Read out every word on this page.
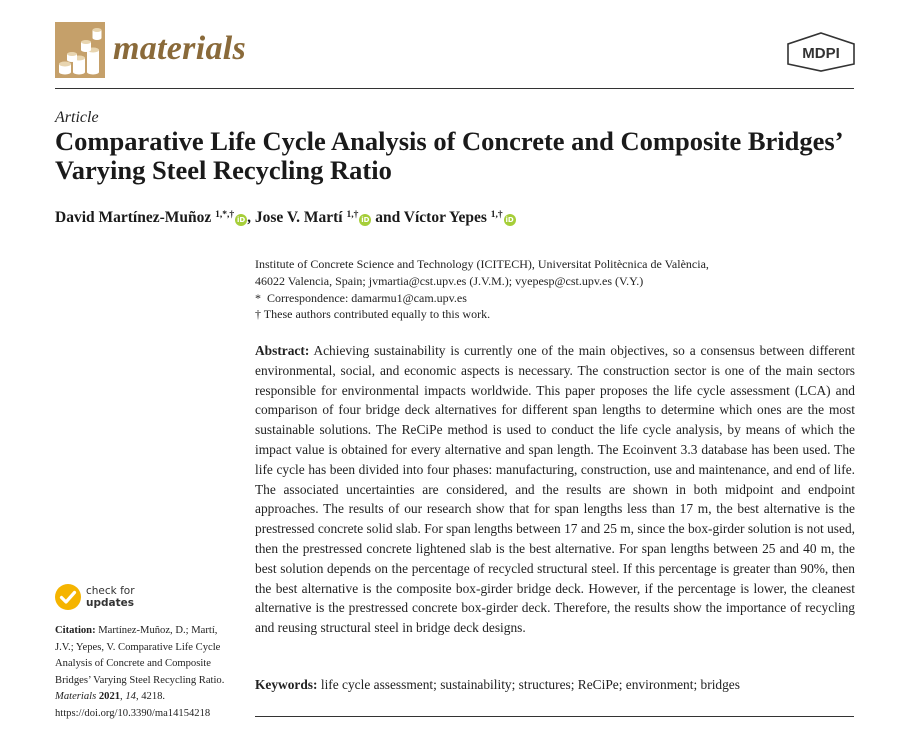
materials	MDPI
Article
Comparative Life Cycle Analysis of Concrete and Composite Bridges’ Varying Steel Recycling Ratio
David Martínez-Muñoz $^{1,*,\dagger}$ iD , Jose V. Martí $^{1,\dagger}$ iD and Víctor Yepes $^{1,\dagger}$ iD
Institute of Concrete Science and Technology (ICITECH), Universitat Politècnica de València,
46022 Valencia, Spain; jvmartia@cst.upv.es (J.V.M.); vyepesp@cst.upv.es (V.Y.)
* Correspondence: damarmu1@cam.upv.es
† These authors contributed equally to this work.
Abstract: Achieving sustainability is currently one of the main objectives, so a consensus between different environmental, social, and economic aspects is necessary. The construction sector is one of the main sectors responsible for environmental impacts worldwide. This paper proposes the life cycle assessment (LCA) and comparison of four bridge deck alternatives for different span lengths to determine which ones are the most sustainable solutions. The ReCiPe method is used to conduct the life cycle analysis, by means of which the impact value is obtained for every alternative and span length. The Ecoinvent 3.3 database has been used. The life cycle has been divided into four phases: manufacturing, construction, use and maintenance, and end of life. The associated uncertainties are considered, and the results are shown in both midpoint and endpoint approaches. The results of our research show that for span lengths less than 17 m, the best alternative is the prestressed concrete solid slab. For span lengths between 17 and 25 m, since the box-girder solution is not used, then the prestressed concrete lightened slab is the best alternative. For span lengths between 25 and 40 m, the best solution depends on the percentage of recycled structural steel. If this percentage is greater than 90%, then the best alternative is the composite box-girder bridge deck. However, if the percentage is lower, the cleanest alternative is the prestressed concrete box-girder deck. Therefore, the results show the importance of recycling and reusing structural steel in bridge deck designs.
Keywords: life cycle assessment; sustainability; structures; ReCiPe; environment; bridges
check for
updates
Citation: Martínez-Muñoz, D.; Martí, J.V.; Yepes, V. Comparative Life Cycle Analysis of Concrete and Composite Bridges’ Varying Steel Recycling Ratio. Materials 2021, 14, 4218. https://doi.org/10.3390/ma14154218
